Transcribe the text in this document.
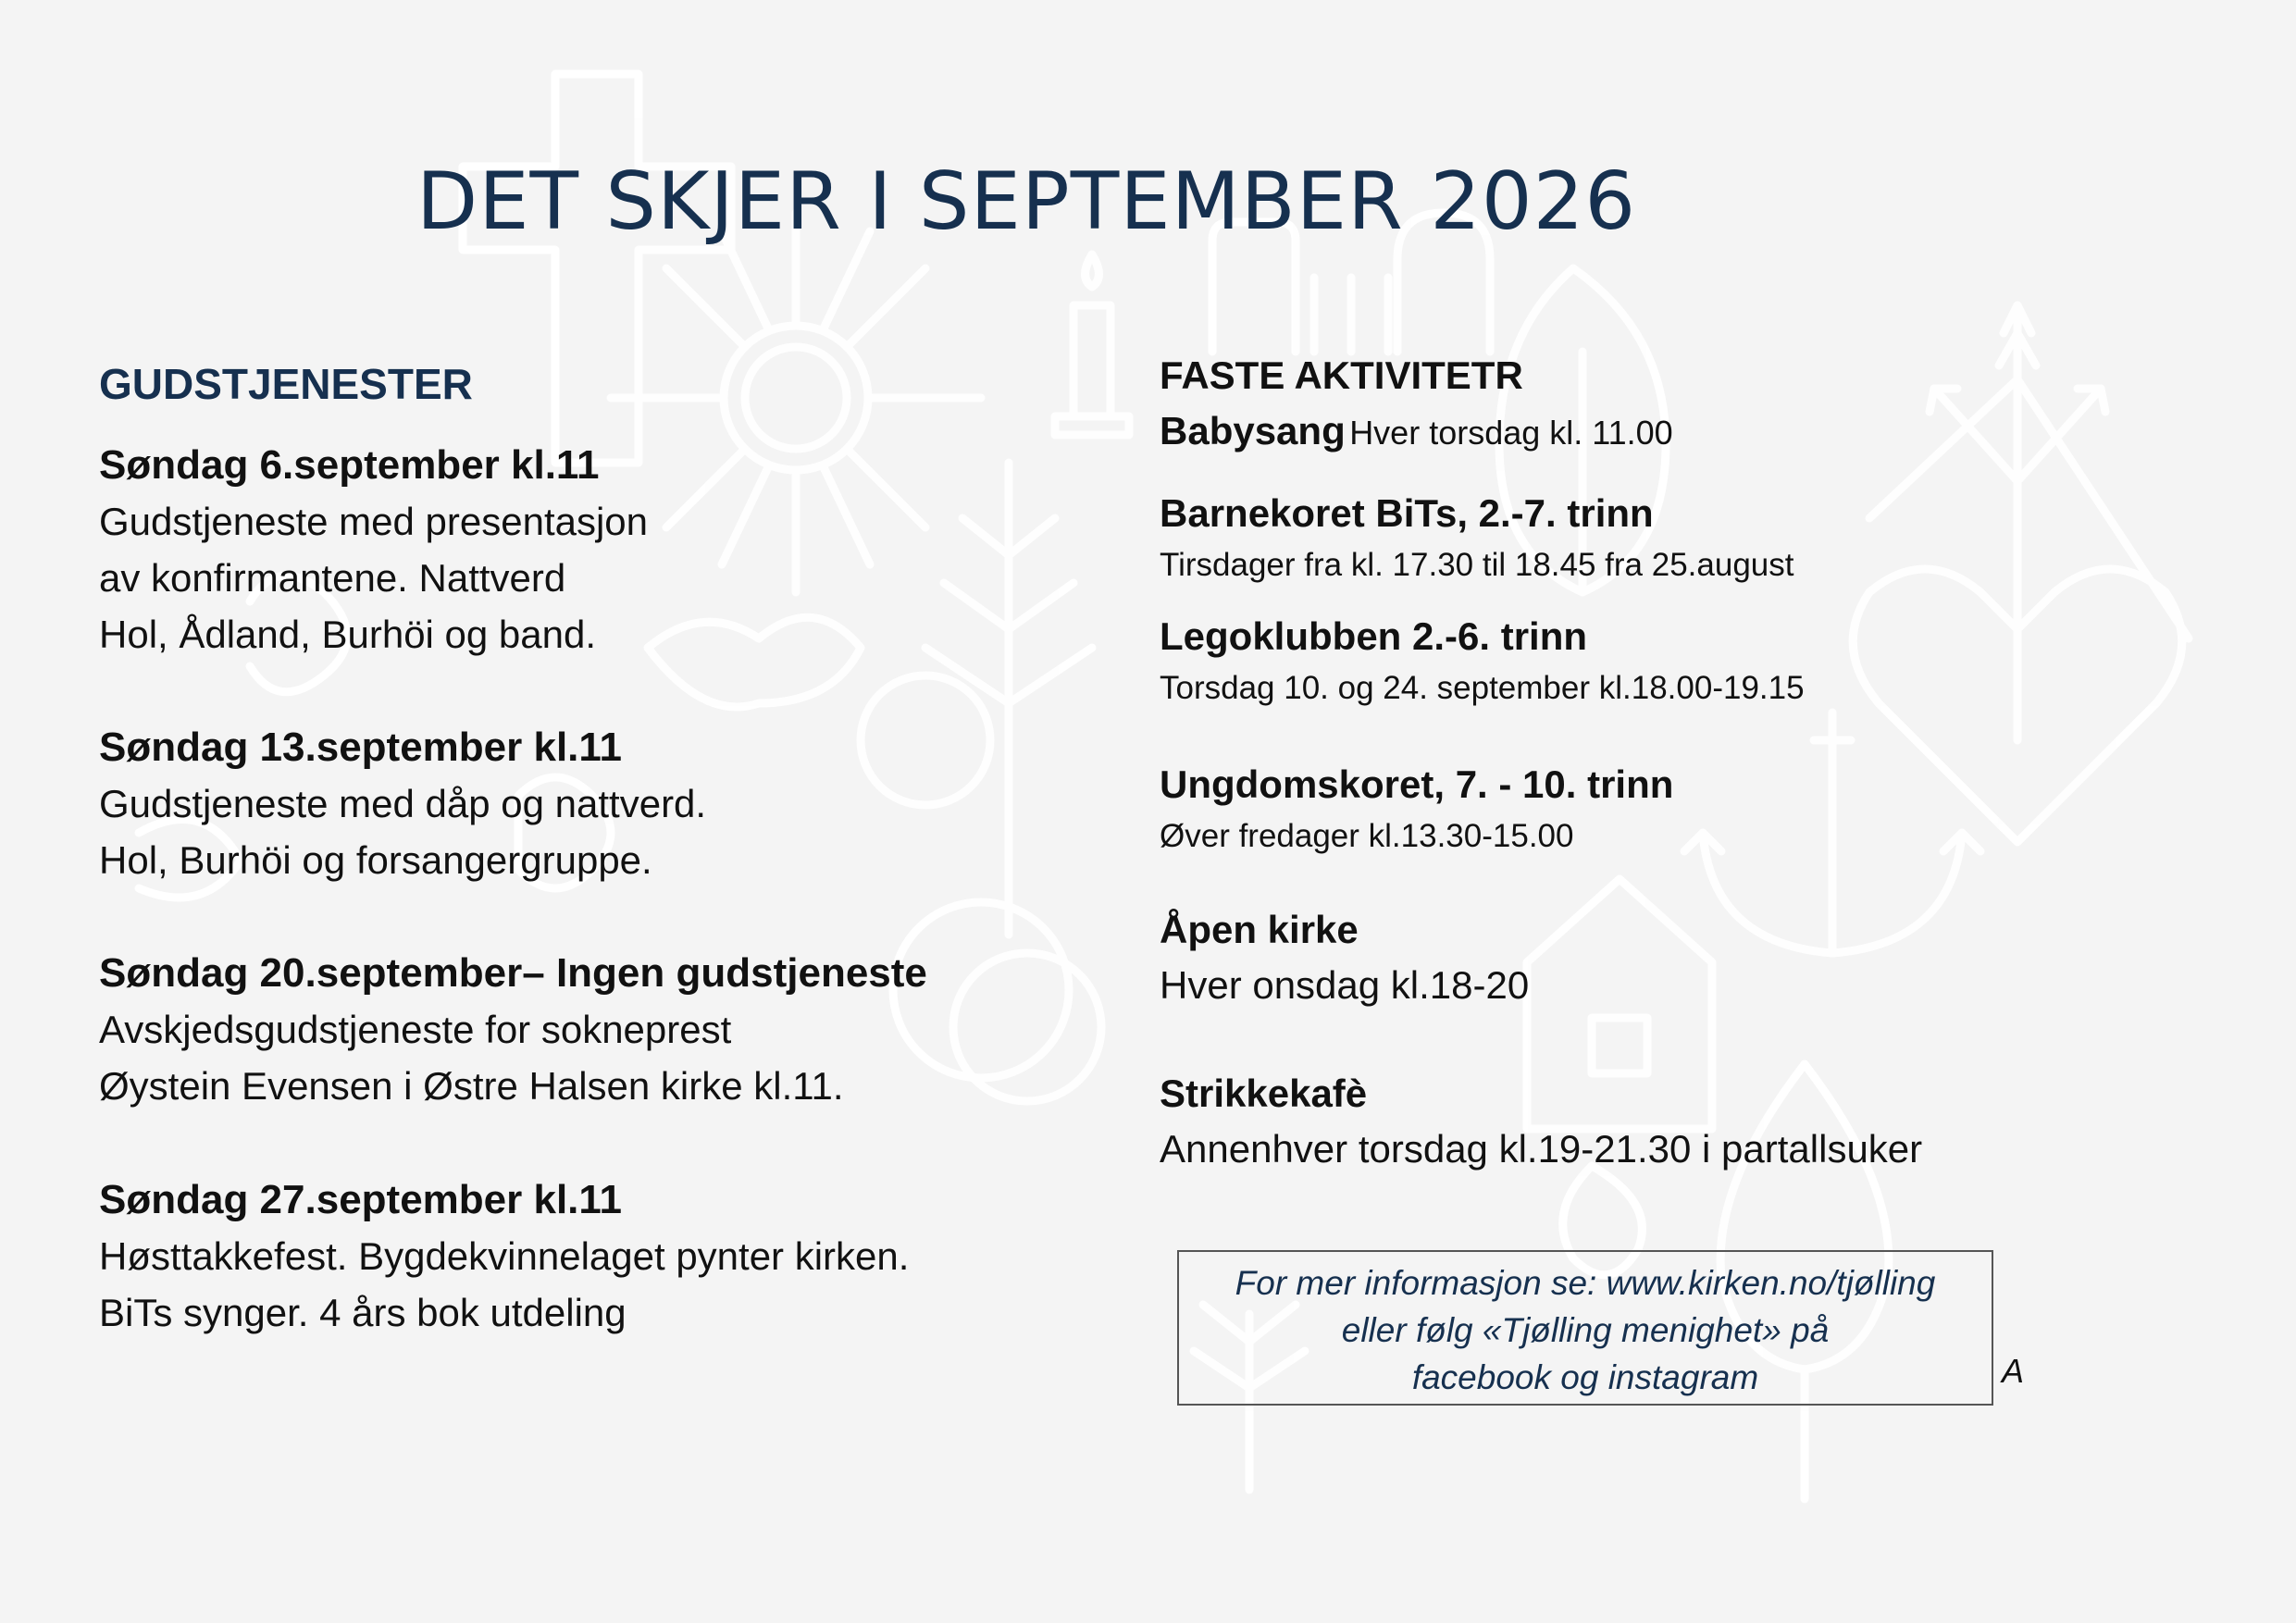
DET SKJER I SEPTEMBER 2026
GUDSTJENESTER
Søndag 6.september kl.11
Gudstjeneste med presentasjon
av konfirmantene. Nattverd
Hol, Ådland, Burhöi og band.
Søndag 13.september kl.11
Gudstjeneste med dåp og nattverd.
Hol, Burhöi og forsangergruppe.
Søndag 20.september– Ingen gudstjeneste
Avskjedsgudstjeneste for sokneprest
Øystein Evensen i Østre Halsen kirke kl.11.
Søndag 27.september kl.11
Høsttakkefest. Bygdekvinnelaget pynter kirken.
BiTs synger. 4 års bok utdeling
FASTE AKTIVITETR
Babysang Hver torsdag kl. 11.00
Barnekoret BiTs, 2.-7. trinn
Tirsdager fra kl. 17.30 til 18.45 fra 25.august
Legoklubben 2.-6. trinn
Torsdag 10. og 24. september kl.18.00-19.15
Ungdomskoret, 7. - 10. trinn
Øver fredager kl.13.30-15.00
Åpen kirke
Hver onsdag kl.18-20
Strikkekafè
Annenhver torsdag kl.19-21.30 i partallsuker
For mer informasjon se: www.kirken.no/tjølling
eller følg «Tjølling menighet» på
facebook og instagram	A
